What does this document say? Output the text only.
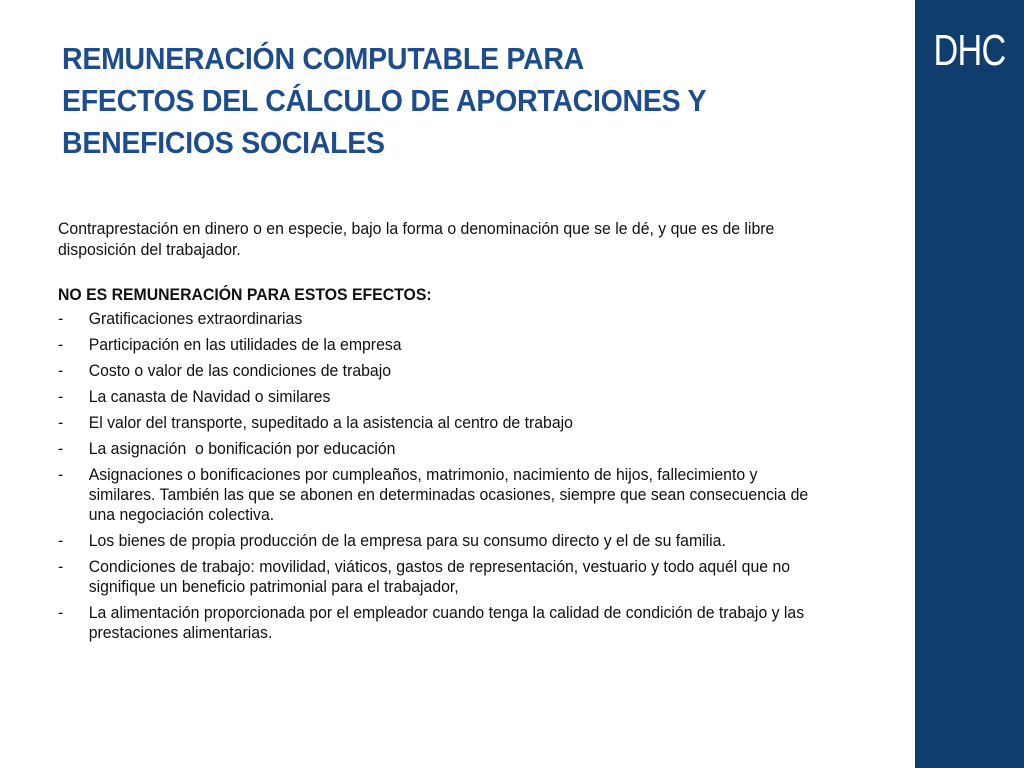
DHC
REMUNERACIÓN COMPUTABLE PARA
EFECTOS DEL CÁLCULO DE APORTACIONES Y
BENEFICIOS SOCIALES

Contraprestación en dinero o en especie, bajo la forma o denominación que se le dé, y que es de libre disposición del trabajador.

NO ES REMUNERACIÓN PARA ESTOS EFECTOS:

- Gratificaciones extraordinarias
- Participación en las utilidades de la empresa
- Costo o valor de las condiciones de trabajo
- La canasta de Navidad o similares
- El valor del transporte, supeditado a la asistencia al centro de trabajo
- La asignación  o bonificación por educación
- Asignaciones o bonificaciones por cumpleaños, matrimonio, nacimiento de hijos, fallecimiento y similares. También las que se abonen en determinadas ocasiones, siempre que sean consecuencia de una negociación colectiva.
- Los bienes de propia producción de la empresa para su consumo directo y el de su familia.
- Condiciones de trabajo: movilidad, viáticos, gastos de representación, vestuario y todo aquél que no signifique un beneficio patrimonial para el trabajador,
- La alimentación proporcionada por el empleador cuando tenga la calidad de condición de trabajo y las prestaciones alimentarias.
